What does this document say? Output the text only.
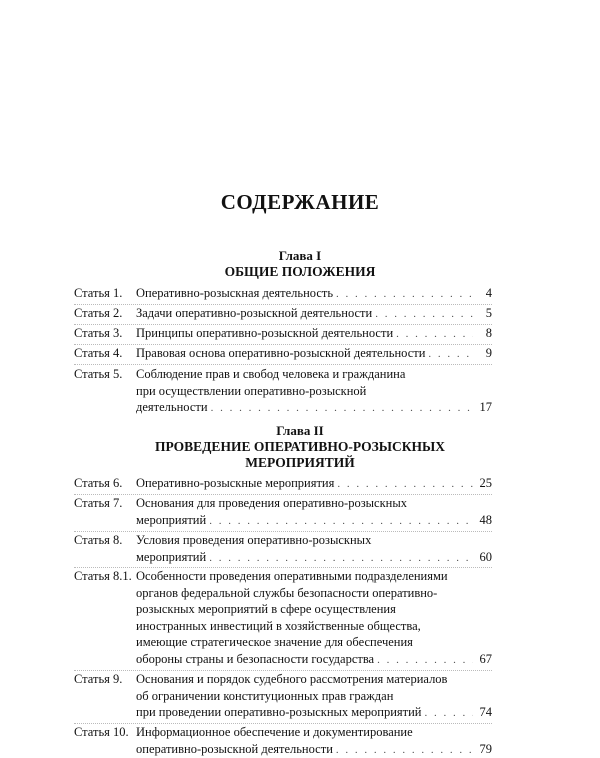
СОДЕРЖАНИЕ
Глава I
ОБЩИЕ ПОЛОЖЕНИЯ
Статья 1.	Оперативно-розыскная деятельность . . .	4
Статья 2.	Задачи оперативно-розыскной деятельности . . .	5
Статья 3.	Принципы оперативно-розыскной деятельности . . .	8
Статья 4.	Правовая основа оперативно-розыскной деятельности . . .	9
Статья 5.	Соблюдение прав и свобод человека и гражданина
при осуществлении оперативно-розыскной
деятельности . . .	17
Глава II
ПРОВЕДЕНИЕ ОПЕРАТИВНО-РОЗЫСКНЫХ
МЕРОПРИЯТИЙ
Статья 6.	Оперативно-розыскные мероприятия . . .	25
Статья 7.	Основания для проведения оперативно-розыскных
мероприятий . . .	48
Статья 8.	Условия проведения оперативно-розыскных
мероприятий . . .	60
Статья 8.1. Особенности проведения оперативными подразделениями
органов федеральной службы безопасности оперативно-
розыскных мероприятий в сфере осуществления
иностранных инвестиций в хозяйственные общества,
имеющие стратегическое значение для обеспечения
обороны страны и безопасности государства . . .	67
Статья 9.	Основания и порядок судебного рассмотрения материалов
об ограничении конституционных прав граждан
при проведении оперативно-розыскных мероприятий . . .	74
Статья 10. Информационное обеспечение и документирование
оперативно-розыскной деятельности . . .	79
